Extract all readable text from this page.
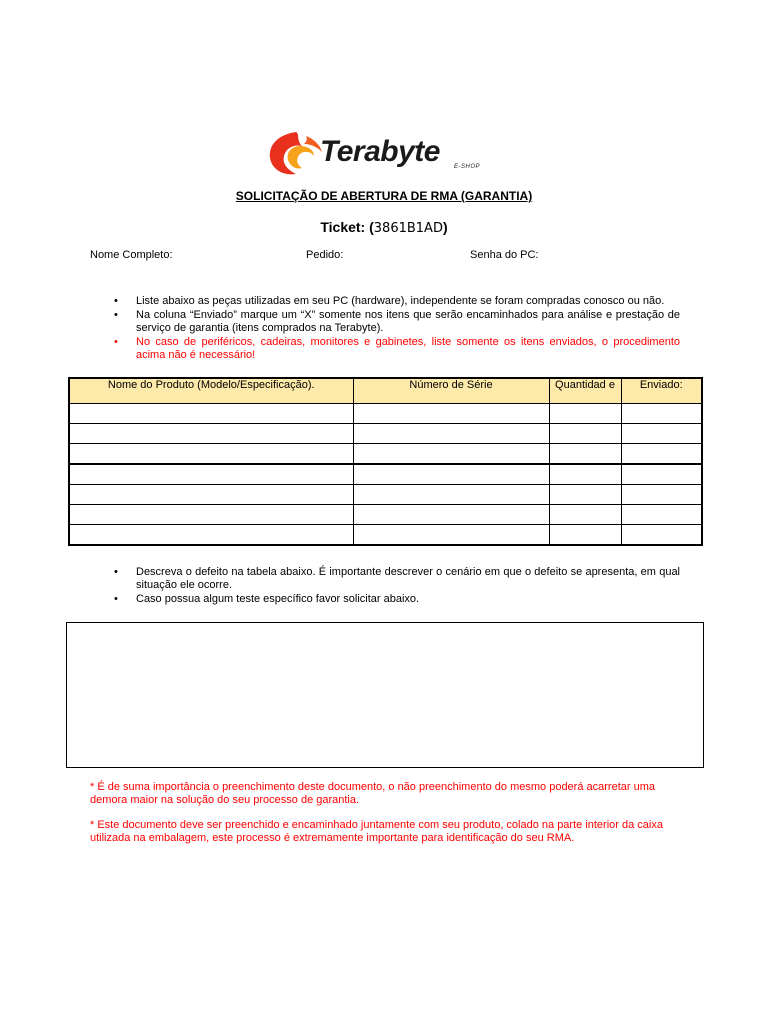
Terabyte E-SHOP
SOLICITAÇÃO DE ABERTURA DE RMA (GARANTIA)
Ticket: (3861B1AD)
Nome Completo:	Pedido:	Senha do PC:
• Liste abaixo as peças utilizadas em seu PC (hardware), independente se foram compradas conosco ou não.
• Na coluna “Enviado” marque um “X” somente nos itens que serão encaminhados para análise e prestação de serviço de garantia (itens comprados na Terabyte).
• No caso de periféricos, cadeiras, monitores e gabinetes, liste somente os itens enviados, o procedimento acima não é necessário!
Nome do Produto (Modelo/Especificação).	Número de Série	Quantidad e	Enviado:

• Descreva o defeito na tabela abaixo. É importante descrever o cenário em que o defeito se apresenta, em qual situação ele ocorre.
• Caso possua algum teste específico favor solicitar abaixo.
* É de suma importância o preenchimento deste documento, o não preenchimento do mesmo poderá acarretar uma demora maior na solução do seu processo de garantia.
* Este documento deve ser preenchido e encaminhado juntamente com seu produto, colado na parte interior da caixa utilizada na embalagem, este processo é extremamente importante para identificação do seu RMA.
